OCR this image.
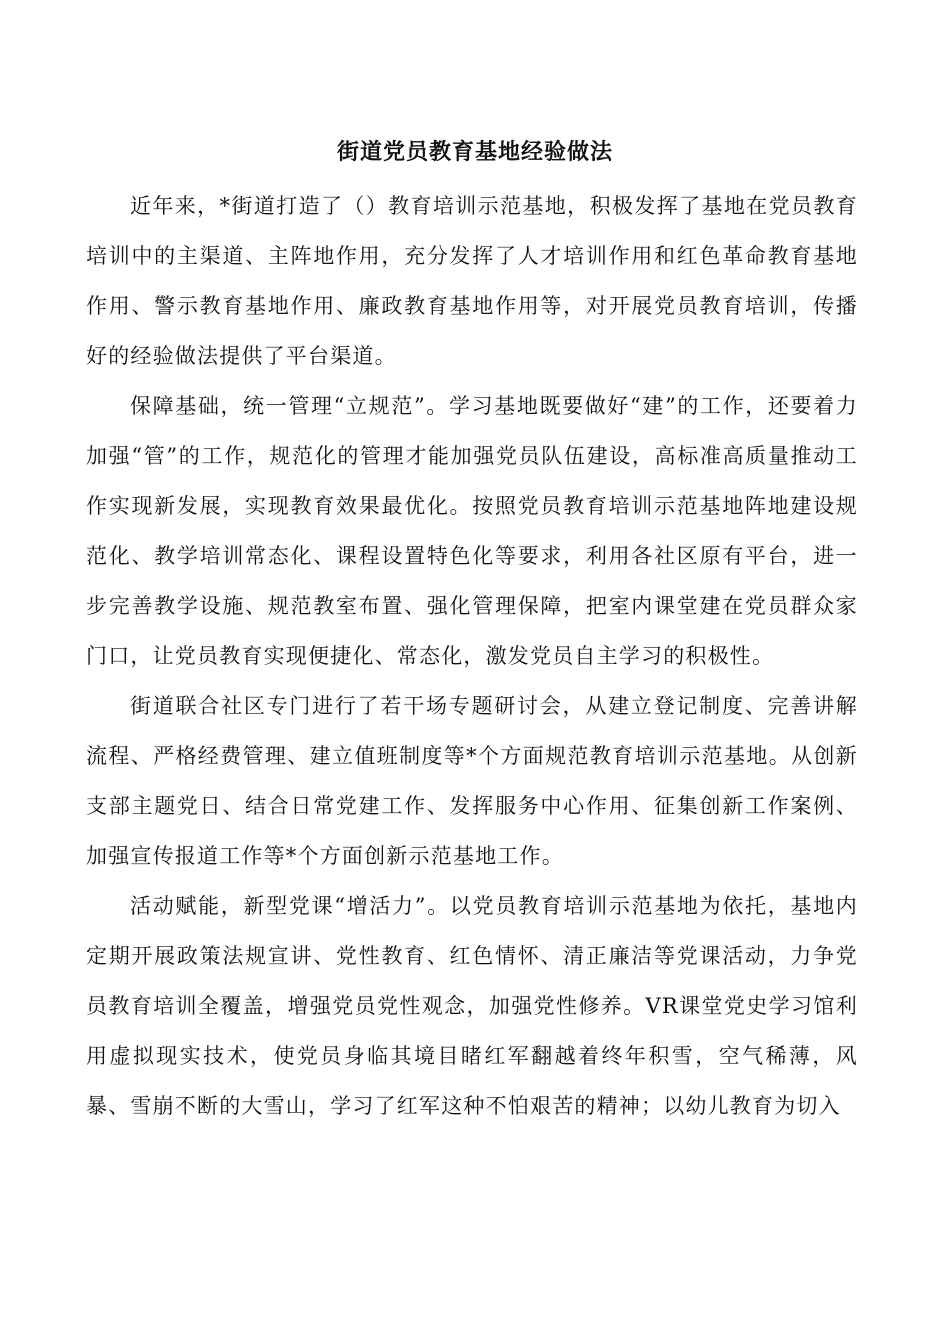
街道党员教育基地经验做法

近年来，*街道打造了（）教育培训示范基地，积极发挥了基地在党员教育培训中的主渠道、主阵地作用，充分发挥了人才培训作用和红色革命教育基地作用、警示教育基地作用、廉政教育基地作用等，对开展党员教育培训，传播好的经验做法提供了平台渠道。

保障基础，统一管理“立规范”。学习基地既要做好“建”的工作，还要着力加强“管”的工作，规范化的管理才能加强党员队伍建设，高标准高质量推动工作实现新发展，实现教育效果最优化。按照党员教育培训示范基地阵地建设规范化、教学培训常态化、课程设置特色化等要求，利用各社区原有平台，进一步完善教学设施、规范教室布置、强化管理保障，把室内课堂建在党员群众家门口，让党员教育实现便捷化、常态化，激发党员自主学习的积极性。

街道联合社区专门进行了若干场专题研讨会，从建立登记制度、完善讲解流程、严格经费管理、建立值班制度等*个方面规范教育培训示范基地。从创新支部主题党日、结合日常党建工作、发挥服务中心作用、征集创新工作案例、加强宣传报道工作等*个方面创新示范基地工作。

活动赋能，新型党课“增活力”。以党员教育培训示范基地为依托，基地内定期开展政策法规宣讲、党性教育、红色情怀、清正廉洁等党课活动，力争党员教育培训全覆盖，增强党员党性观念，加强党性修养。VR课堂党史学习馆利用虚拟现实技术，使党员身临其境目睹红军翻越着终年积雪，空气稀薄，风暴、雪崩不断的大雪山，学习了红军这种不怕艰苦的精神；以幼儿教育为切入
